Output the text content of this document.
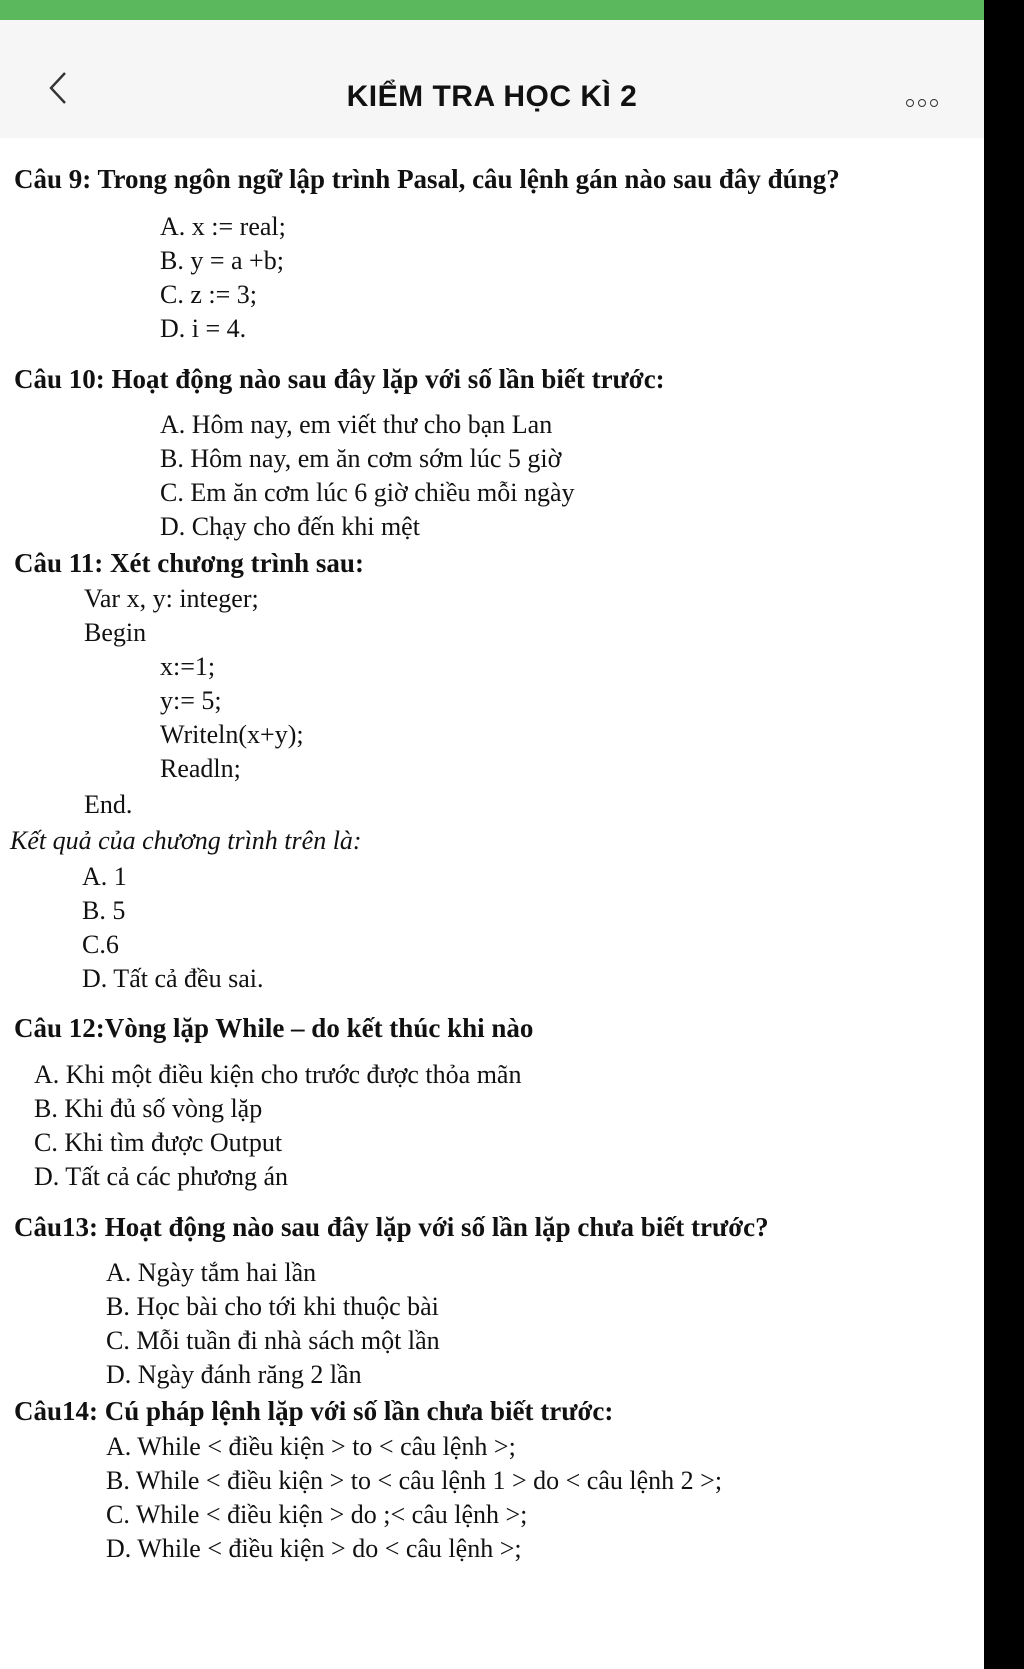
KIỂM TRA HỌC KÌ 2
Câu 9: Trong ngôn ngữ lập trình Pasal, câu lệnh gán nào sau đây đúng?
A. x := real;
B. y = a +b;
C. z := 3;
D. i = 4.
Câu 10: Hoạt động nào sau đây lặp với số lần biết trước:
A. Hôm nay, em viết thư cho bạn Lan
B. Hôm nay, em ăn cơm sớm lúc 5 giờ
C. Em ăn cơm lúc 6 giờ chiều mỗi ngày
D. Chạy cho đến khi mệt
Câu 11: Xét chương trình sau:
Var x, y: integer;
Begin
x:=1;
y:= 5;
Writeln(x+y);
Readln;
End.
Kết quả của chương trình trên là:
A. 1
B. 5
C.6
D. Tất cả đều sai.
Câu 12:Vòng lặp While – do kết thúc khi nào
A. Khi một điều kiện cho trước được thỏa mãn
B. Khi đủ số vòng lặp
C. Khi tìm được Output
D. Tất cả các phương án
Câu13: Hoạt động nào sau đây lặp với số lần lặp chưa biết trước?
A. Ngày tắm hai lần
B. Học bài cho tới khi thuộc bài
C. Mỗi tuần đi nhà sách một lần
D. Ngày đánh răng 2 lần
Câu14: Cú pháp lệnh lặp với số lần chưa biết trước:
A. While < điều kiện > to < câu lệnh >;
B. While < điều kiện > to < câu lệnh 1 > do < câu lệnh 2 >;
C. While < điều kiện > do ;< câu lệnh >;
D. While < điều kiện > do < câu lệnh >;
